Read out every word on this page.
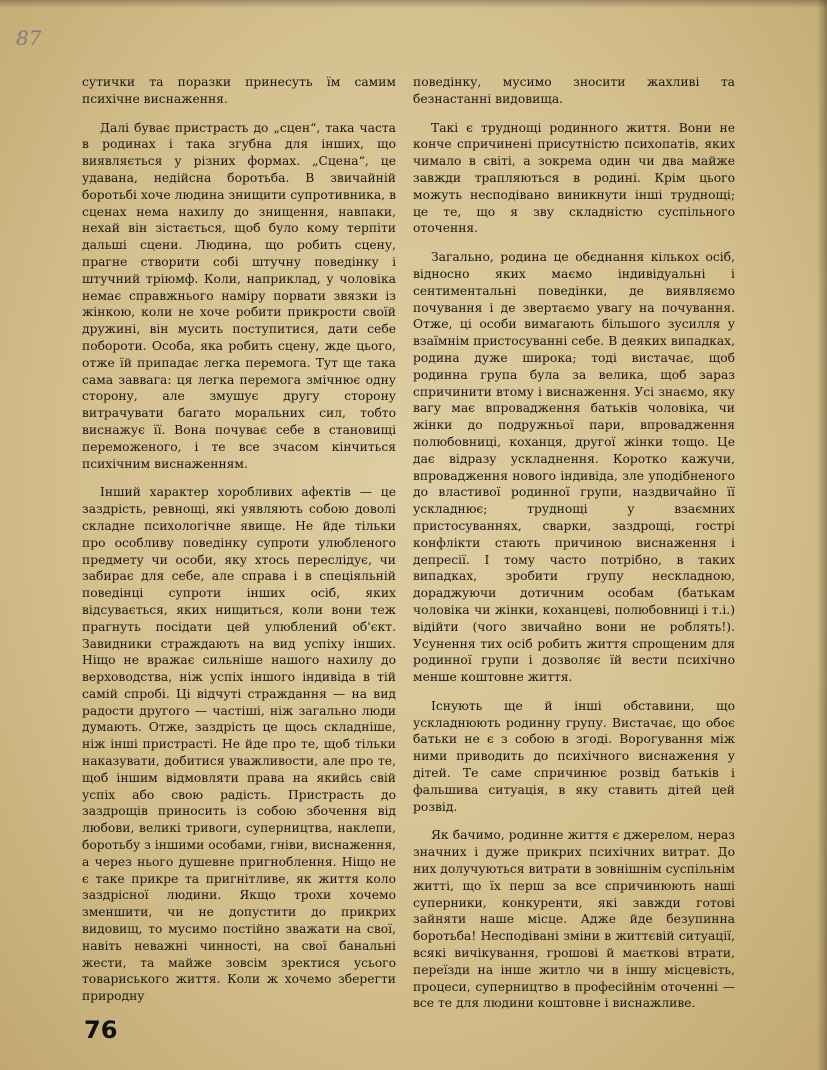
87

сутички та поразки принесуть їм самим психічне виснаження.

Далі буває пристрасть до „сцен“, така часта в родинах і така згубна для інших, що виявляється у різних формах. „Сцена“, це удавана, недійсна боротьба. В звичайній боротьбі хоче людина знищити супротивника, в сценах нема нахилу до знищення, навпаки, нехай він зістається, щоб було кому терпіти дальші сцени. Людина, що робить сцену, прагне створити собі штучну поведінку і штучний тріюмф. Коли, наприклад, у чоловіка немає справжнього наміру порвати звязки із жінкою, коли не хоче робити прикрости своїй дружині, він мусить поступитися, дати себе побороти. Особа, яка робить сцену, жде цього, отже їй припадає легка перемога. Тут ще така сама заввага: ця легка перемога змічнює одну сторону, але змушує другу сторону витрачувати багато моральних сил, тобто виснажує її. Вона почуває себе в становищі переможеного, і те все зчасом кінчиться психічним виснаженням.

Інший характер хоробливих афектів — це заздрість, ревнощі, які уявляють собою доволі складне психологічне явище. Не йде тільки про особливу поведінку супроти улюбленого предмету чи особи, яку хтось переслідує, чи забирає для себе, але справа і в спеціяльній поведінці супроти інших осіб, яких відсувається, яких нищиться, коли вони теж прагнуть посідати цей улюблений об'єкт. Завидники страждають на вид успіху інших. Ніщо не вражає сильніше нашого нахилу до верховодства, ніж успіх іншого індивіда в тій самій спробі. Ці відчуті страждання — на вид радости другого — частіші, ніж загально люди думають. Отже, заздрість це щось складніше, ніж інші пристрасті. Не йде про те, щоб тільки наказувати, добитися уважливости, але про те, щоб іншим відмовляти права на якийсь свій успіх або свою радість. Пристрасть до заздрощів приносить із собою збочення від любови, великі тривоги, суперництва, наклепи, боротьбу з іншими особами, гніви, виснаження, а через нього душевне пригноблення. Ніщо не є таке прикре та пригнітливе, як життя коло заздрісної людини. Якщо трохи хочемо зменшити, чи не допустити до прикрих видовищ, то мусимо постійно зважати на свої, навіть неважні чинності, на свої банальні жести, та майже зовсім зректися усього товариського життя. Коли ж хочемо зберегти природну

поведінку, мусимо зносити жахливі та безнастанні видовища.

Такі є труднощі родинного життя. Вони не конче спричинені присутністю психопатів, яких чимало в світі, а зокрема один чи два майже завжди трапляються в родині. Крім цього можуть несподівано виникнути інші труднощі; це те, що я зву складністю суспільного оточення.

Загально, родина це обєднання кількох осіб, відносно яких маємо індивідуальні і сентиментальні поведінки, де виявляємо почування і де звертаємо увагу на почування. Отже, ці особи вимагають більшого зусилля у взаїмнім пристосуванні себе. В деяких випадках, родина дуже широка; тоді вистачає, щоб родинна група була за велика, щоб зараз спричинити втому і виснаження. Усі знаємо, яку вагу має впровадження батьків чоловіка, чи жінки до подружньої пари, впровадження полюбовниці, коханця, другої жінки тощо. Це дає відразу ускладнення. Коротко кажучи, впровадження нового індивіда, зле уподібненого до властивої родинної групи, наздвичайно її ускладнює; труднощі у взаємних пристосуваннях, сварки, заздрощі, гострі конфлікти стають причиною виснаження і депресії. І тому часто потрібно, в таких випадках, зробити групу нескладною, дораджуючи дотичним особам (батькам чоловіка чи жінки, коханцеві, полюбовниці і т.і.) відійти (чого звичайно вони не роблять!). Усунення тих осіб робить життя спрощеним для родинної групи і дозволяє їй вести психічно менше коштовне життя.

Існують ще й інші обставини, що ускладнюють родинну групу. Вистачає, що обоє батьки не є з собою в згоді. Ворогування між ними приводить до психічного виснаження у дітей. Те саме спричинює розвід батьків і фальшива ситуація, в яку ставить дітей цей розвід.

Як бачимо, родинне життя є джерелом, нераз значних і дуже прикрих психічних витрат. До них долучуються витрати в зовнішнім суспільнім житті, що їх перш за все спричинюють наші суперники, конкуренти, які завжди готові зайняти наше місце. Адже йде безупинна боротьба! Несподівані зміни в життєвій ситуації, всякі вичікування, грошові й маєткові втрати, переїзди на інше житло чи в іншу місцевість, процеси, суперництво в професійнім оточенні — все те для людини коштовне і виснажливе.

76
